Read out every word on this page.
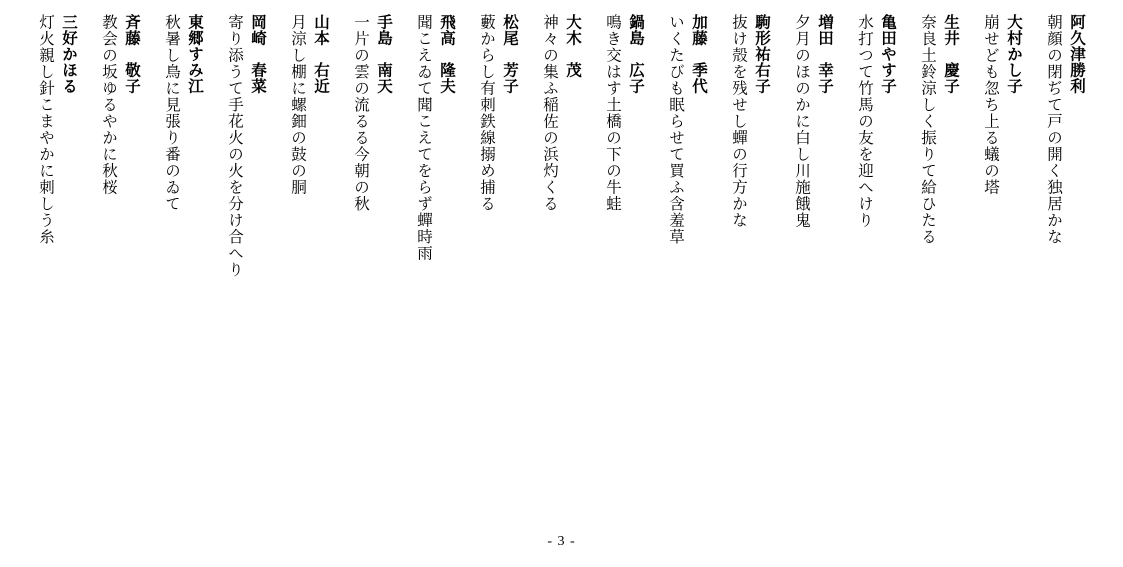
阿久津勝利
朝顔の閉ぢて戸の開く独居かな
大村かし子
崩せども忽ち上る蟻の塔
生井　慶子
奈良土鈴涼しく振りて給ひたる
亀田やす子
水打つて竹馬の友を迎へけり
増田　幸子
夕月のほのかに白し川施餓鬼
駒形祐右子
抜け殻を残せし蟬の行方かな
加藤　季代
いくたびも眠らせて買ふ含羞草
鍋島　広子
鳴き交はす土橋の下の牛蛙
大木　茂
神々の集ふ稲佐の浜灼くる
松尾　芳子
藪からし有刺鉄線搦め捕る
飛高　隆夫
聞こえゐて聞こえてをらず蟬時雨
手島　南天
一片の雲の流るる今朝の秋
山本　右近
月涼し棚に螺鈿の鼓の胴
岡崎　春菜
寄り添うて手花火の火を分け合へり
東郷すみ江
秋暑し鳥に見張り番のゐて
斉藤　敬子
教会の坂ゆるやかに秋桜
三好かほる
灯火親し針こまやかに刺しう糸
- 3 -
